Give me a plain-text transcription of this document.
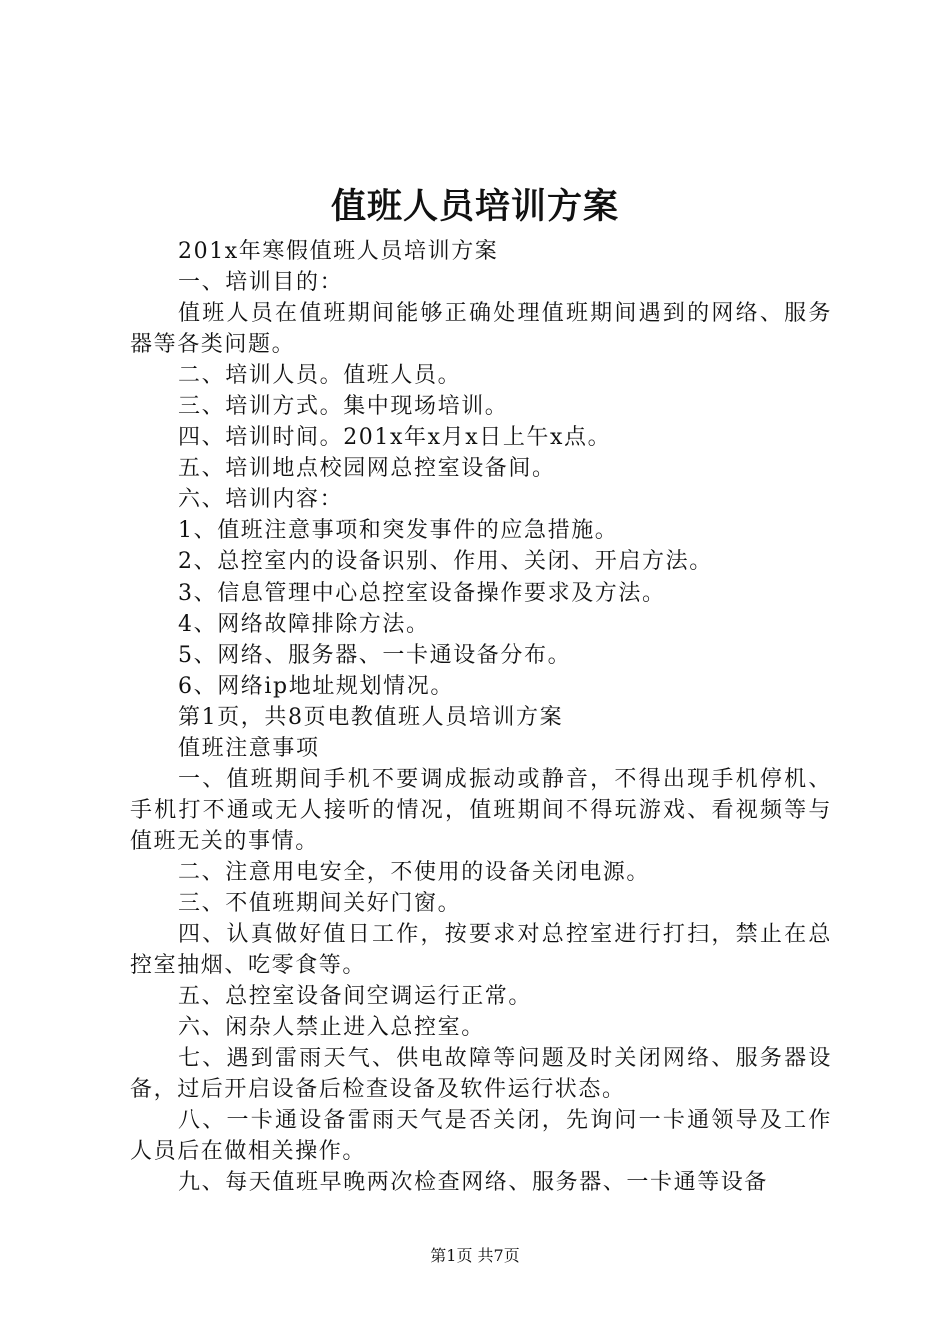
值班人员培训方案

201x年寒假值班人员培训方案

一、培训目的：

值班人员在值班期间能够正确处理值班期间遇到的网络、服务器等各类问题。

二、培训人员。值班人员。

三、培训方式。集中现场培训。

四、培训时间。201x年x月x日上午x点。

五、培训地点校园网总控室设备间。

六、培训内容：

1、值班注意事项和突发事件的应急措施。

2、总控室内的设备识别、作用、关闭、开启方法。

3、信息管理中心总控室设备操作要求及方法。

4、网络故障排除方法。

5、网络、服务器、一卡通设备分布。

6、网络ip地址规划情况。

第1页，共8页电教值班人员培训方案

值班注意事项

一、值班期间手机不要调成振动或静音，不得出现手机停机、手机打不通或无人接听的情况，值班期间不得玩游戏、看视频等与值班无关的事情。

二、注意用电安全，不使用的设备关闭电源。

三、不值班期间关好门窗。

四、认真做好值日工作，按要求对总控室进行打扫，禁止在总控室抽烟、吃零食等。

五、总控室设备间空调运行正常。

六、闲杂人禁止进入总控室。

七、遇到雷雨天气、供电故障等问题及时关闭网络、服务器设备，过后开启设备后检查设备及软件运行状态。

八、一卡通设备雷雨天气是否关闭，先询问一卡通领导及工作人员后在做相关操作。

九、每天值班早晚两次检查网络、服务器、一卡通等设备

第1页 共7页
